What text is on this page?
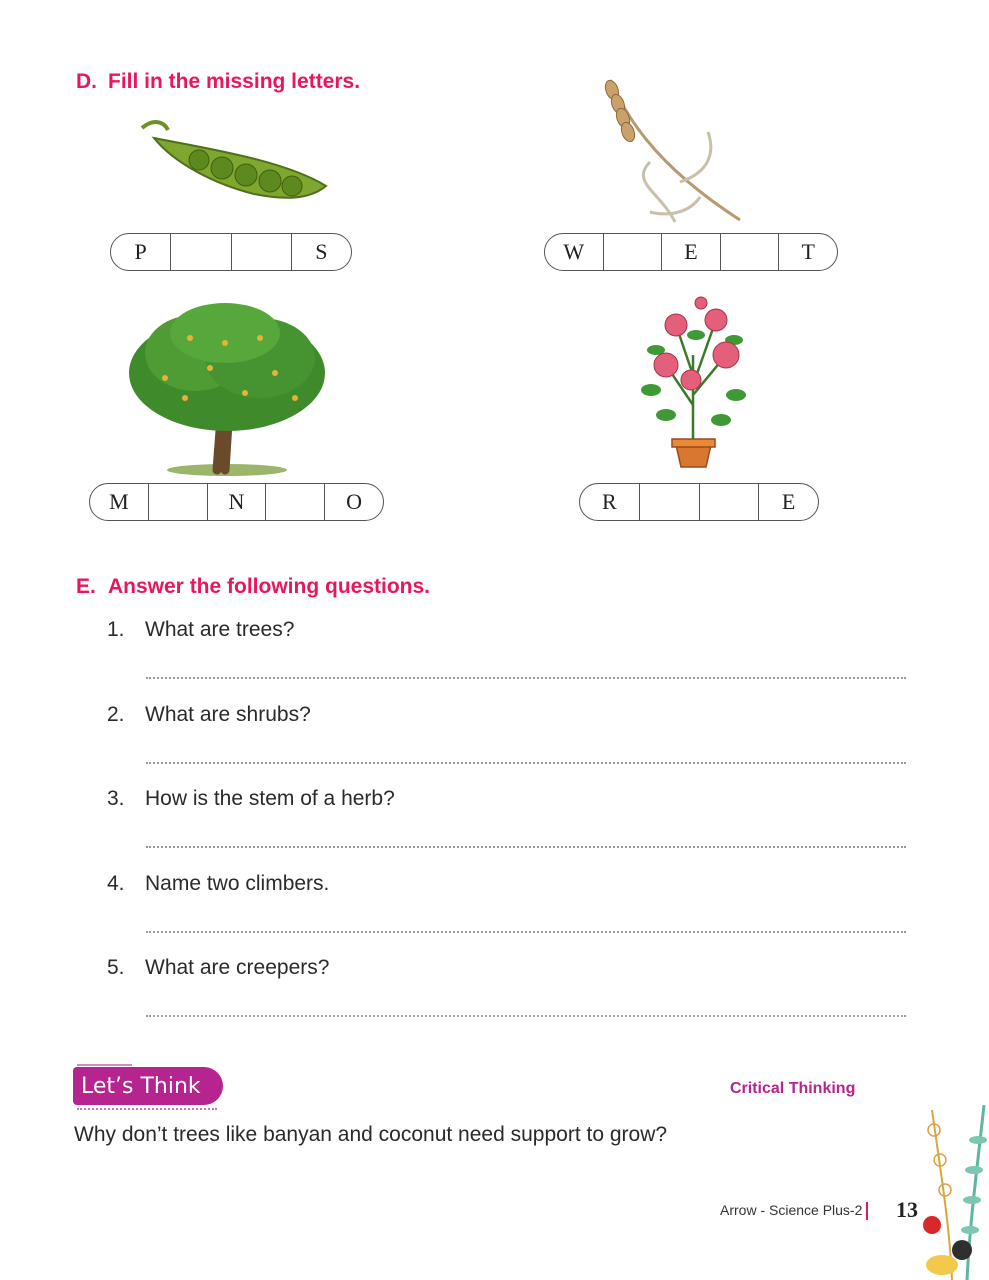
D. Fill in the missing letters.
P	S	W	E	T
M	N	O	R	E
E. Answer the following questions.
1. What are trees?
2. What are shrubs?
3. How is the stem of a herb?
4. Name two climbers.
5. What are creepers?
Let’s Think	Critical Thinking
Why don’t trees like banyan and coconut need support to grow?
Arrow - Science Plus-2	13
